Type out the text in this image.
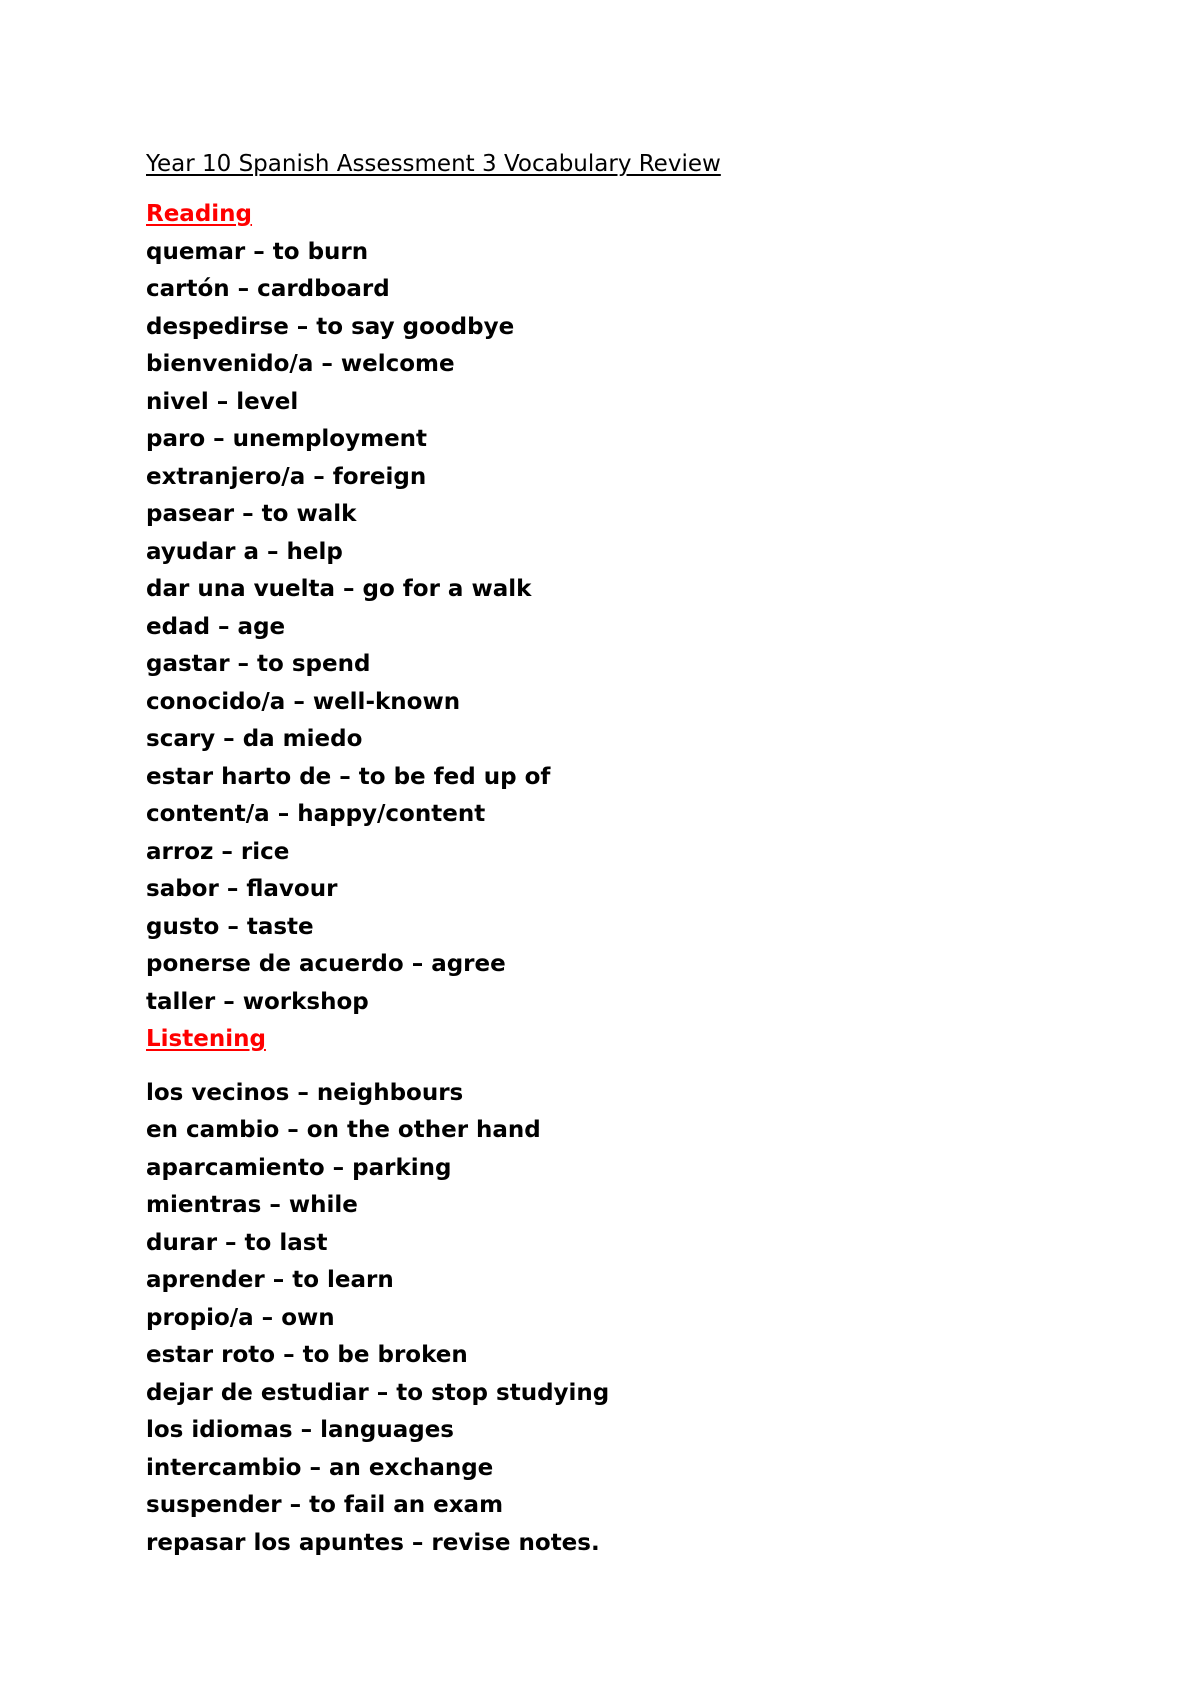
Year 10 Spanish Assessment 3 Vocabulary Review
Reading
quemar – to burn
cartón – cardboard
despedirse – to say goodbye
bienvenido/a – welcome
nivel – level
paro – unemployment
extranjero/a – foreign
pasear – to walk
ayudar a – help
dar una vuelta – go for a walk
edad – age
gastar – to spend
conocido/a – well-known
scary – da miedo
estar harto de – to be fed up of
content/a – happy/content
arroz – rice
sabor – flavour
gusto – taste
ponerse de acuerdo – agree
taller – workshop
Listening
los vecinos – neighbours
en cambio – on the other hand
aparcamiento – parking
mientras – while
durar – to last
aprender – to learn
propio/a – own
estar roto – to be broken
dejar de estudiar – to stop studying
los idiomas – languages
intercambio – an exchange
suspender – to fail an exam
repasar los apuntes – revise notes.
